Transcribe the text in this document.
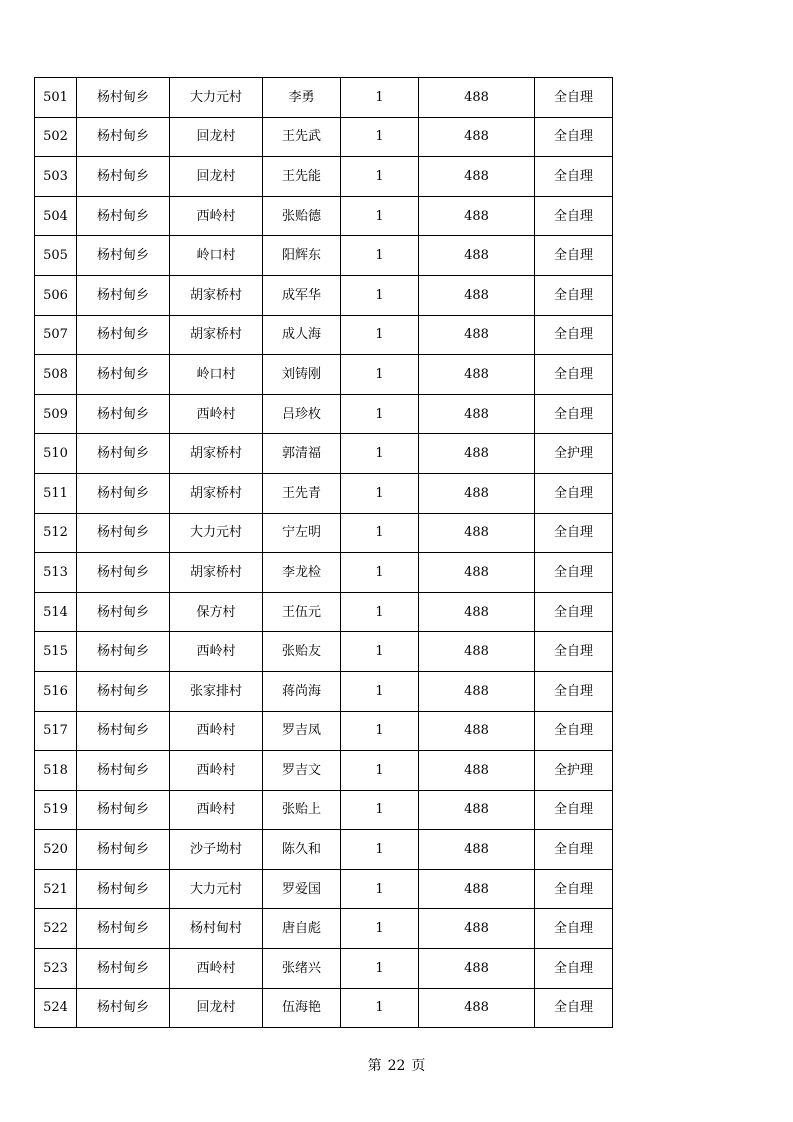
501	杨村甸乡	大力元村	李勇	1	488	全自理
502	杨村甸乡	回龙村	王先武	1	488	全自理
503	杨村甸乡	回龙村	王先能	1	488	全自理
504	杨村甸乡	西岭村	张贻德	1	488	全自理
505	杨村甸乡	岭口村	阳辉东	1	488	全自理
506	杨村甸乡	胡家桥村	成军华	1	488	全自理
507	杨村甸乡	胡家桥村	成人海	1	488	全自理
508	杨村甸乡	岭口村	刘铸刚	1	488	全自理
509	杨村甸乡	西岭村	吕珍枚	1	488	全自理
510	杨村甸乡	胡家桥村	郭清福	1	488	全护理
511	杨村甸乡	胡家桥村	王先青	1	488	全自理
512	杨村甸乡	大力元村	宁左明	1	488	全自理
513	杨村甸乡	胡家桥村	李龙检	1	488	全自理
514	杨村甸乡	保方村	王伍元	1	488	全自理
515	杨村甸乡	西岭村	张贻友	1	488	全自理
516	杨村甸乡	张家排村	蒋尚海	1	488	全自理
517	杨村甸乡	西岭村	罗吉凤	1	488	全自理
518	杨村甸乡	西岭村	罗吉文	1	488	全护理
519	杨村甸乡	西岭村	张贻上	1	488	全自理
520	杨村甸乡	沙子坳村	陈久和	1	488	全自理
521	杨村甸乡	大力元村	罗爱国	1	488	全自理
522	杨村甸乡	杨村甸村	唐自彪	1	488	全自理
523	杨村甸乡	西岭村	张绪兴	1	488	全自理
524	杨村甸乡	回龙村	伍海艳	1	488	全自理
第 22 页
